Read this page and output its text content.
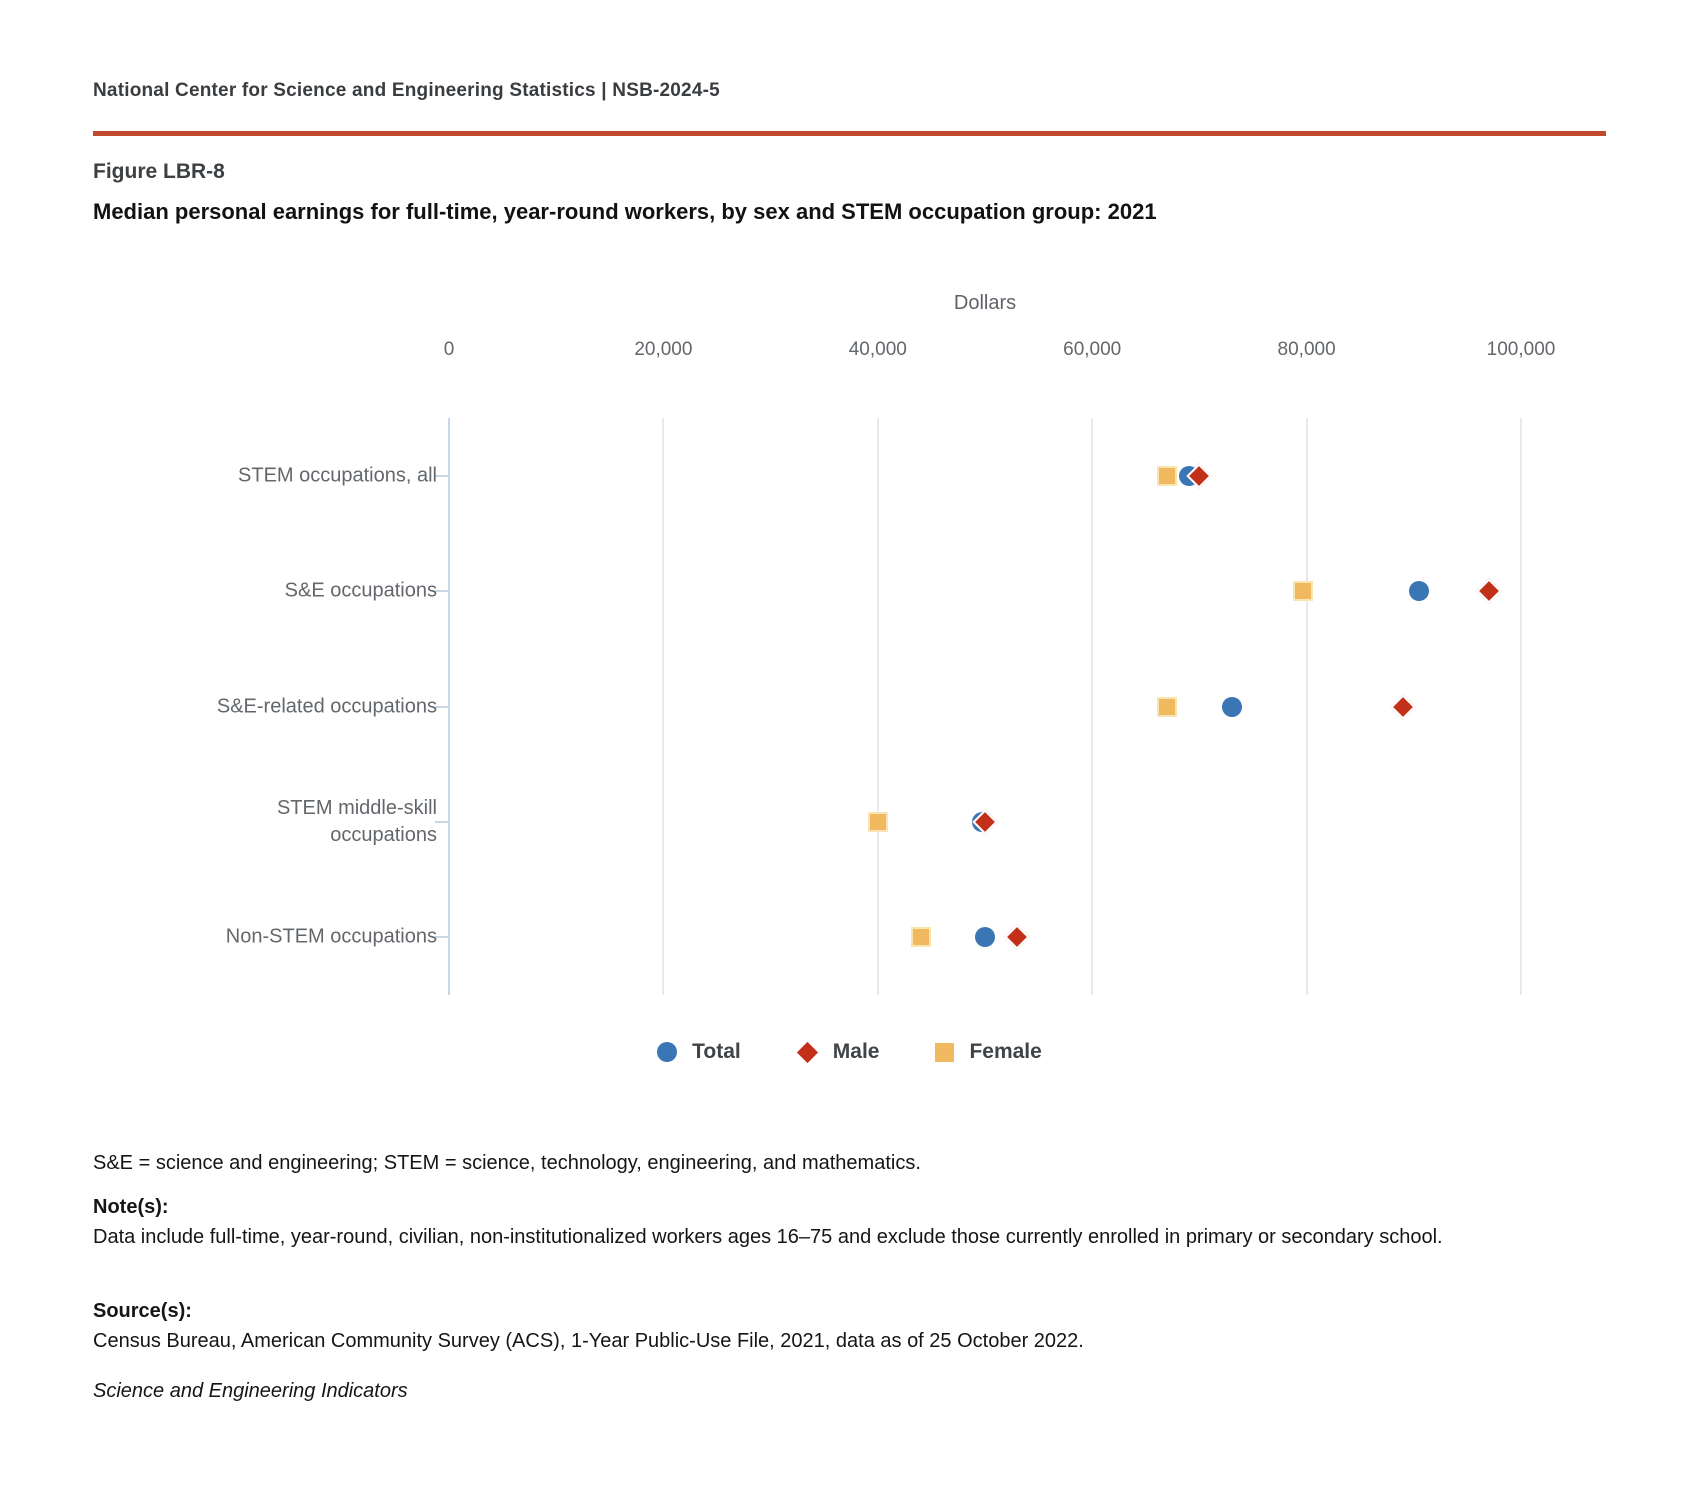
National Center for Science and Engineering Statistics | NSB-2024-5
Figure LBR-8
Median personal earnings for full-time, year-round workers, by sex and STEM occupation group: 2021
Dollars
0	20,000	40,000	60,000	80,000	100,000
STEM occupations, all
S&E occupations
S&E-related occupations
STEM middle-skill occupations
Non-STEM occupations
Total	Male	Female
S&E = science and engineering; STEM = science, technology, engineering, and mathematics.
Note(s):
Data include full-time, year-round, civilian, non-institutionalized workers ages 16–75 and exclude those currently enrolled in primary or secondary school.
Source(s):
Census Bureau, American Community Survey (ACS), 1-Year Public-Use File, 2021, data as of 25 October 2022.
Science and Engineering Indicators
